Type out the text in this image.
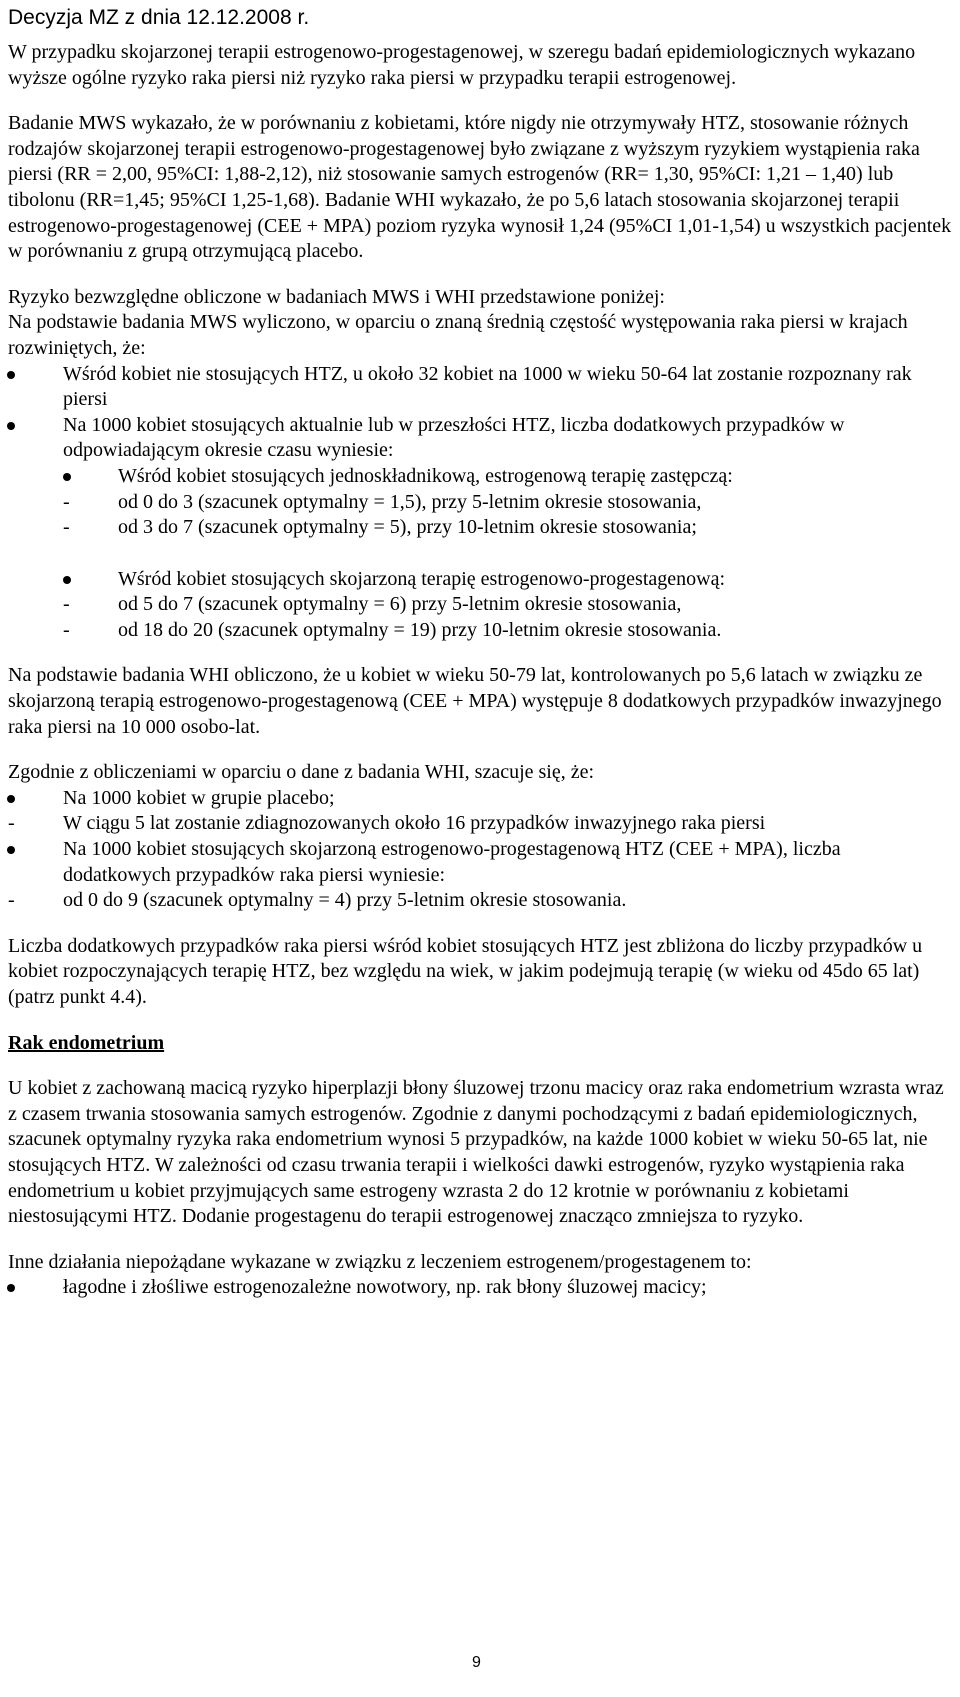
Decyzja MZ z dnia 12.12.2008 r.

W przypadku skojarzonej terapii estrogenowo-progestagenowej, w szeregu badań epidemiologicznych wykazano wyższe ogólne ryzyko raka piersi niż ryzyko raka piersi w przypadku terapii estrogenowej.

Badanie MWS wykazało, że w porównaniu z kobietami, które nigdy nie otrzymywały HTZ, stosowanie różnych rodzajów skojarzonej terapii estrogenowo-progestagenowej było związane z wyższym ryzykiem wystąpienia raka piersi (RR = 2,00, 95%CI: 1,88-2,12), niż stosowanie samych estrogenów (RR= 1,30, 95%CI: 1,21 – 1,40) lub tibolonu (RR=1,45; 95%CI 1,25-1,68). Badanie WHI wykazało, że po 5,6 latach stosowania skojarzonej terapii estrogenowo-progestagenowej (CEE + MPA) poziom ryzyka wynosił 1,24 (95%CI 1,01-1,54) u wszystkich pacjentek w porównaniu z grupą otrzymującą placebo.

Ryzyko bezwzględne obliczone w badaniach MWS i WHI przedstawione poniżej:

Na podstawie badania MWS wyliczono, w oparciu o znaną średnią częstość występowania raka piersi w krajach rozwiniętych, że:

Wśród kobiet nie stosujących HTZ, u około 32 kobiet na 1000 w wieku 50-64 lat zostanie rozpoznany rak piersi
Na 1000 kobiet stosujących aktualnie lub w przeszłości HTZ, liczba dodatkowych przypadków w odpowiadającym okresie czasu wyniesie:
Wśród kobiet stosujących jednoskładnikową, estrogenową terapię zastępczą:
- od 0 do 3 (szacunek optymalny = 1,5), przy 5-letnim okresie stosowania,
- od 3 do 7 (szacunek optymalny = 5), przy 10-letnim okresie stosowania;
Wśród kobiet stosujących skojarzoną terapię estrogenowo-progestagenową:
- od 5 do 7 (szacunek optymalny = 6) przy 5-letnim okresie stosowania,
- od 18 do 20 (szacunek optymalny = 19) przy 10-letnim okresie stosowania.

Na podstawie badania WHI obliczono, że u kobiet w wieku 50-79 lat, kontrolowanych po 5,6 latach w związku ze skojarzoną terapią estrogenowo-progestagenową (CEE + MPA) występuje 8 dodatkowych przypadków inwazyjnego raka piersi na 10 000 osobo-lat.

Zgodnie z obliczeniami w oparciu o dane z badania WHI, szacuje się, że:

Na 1000 kobiet w grupie placebo;
- W ciągu 5 lat zostanie zdiagnozowanych około 16 przypadków inwazyjnego raka piersi
Na 1000 kobiet stosujących skojarzoną estrogenowo-progestagenową HTZ (CEE + MPA), liczba dodatkowych przypadków raka piersi wyniesie:
- od 0 do 9 (szacunek optymalny = 4) przy 5-letnim okresie stosowania.

Liczba dodatkowych przypadków raka piersi wśród kobiet stosujących HTZ jest zbliżona do liczby przypadków u kobiet rozpoczynających terapię HTZ, bez względu na wiek, w jakim podejmują terapię (w wieku od 45do 65 lat) (patrz punkt 4.4).

Rak endometrium

U kobiet z zachowaną macicą ryzyko hiperplazji błony śluzowej trzonu macicy oraz raka endometrium wzrasta wraz z czasem trwania stosowania samych estrogenów. Zgodnie z danymi pochodzącymi z badań epidemiologicznych, szacunek optymalny ryzyka raka endometrium wynosi 5 przypadków, na każde 1000 kobiet w wieku 50-65 lat, nie stosujących HTZ. W zależności od czasu trwania terapii i wielkości dawki estrogenów, ryzyko wystąpienia raka endometrium u kobiet przyjmujących same estrogeny wzrasta 2 do 12 krotnie w porównaniu z kobietami niestosującymi HTZ. Dodanie progestagenu do terapii estrogenowej znacząco zmniejsza to ryzyko.

Inne działania niepożądane wykazane w związku z leczeniem estrogenem/progestagenem to:

łagodne i złośliwe estrogenozależne nowotwory, np. rak błony śluzowej macicy;
9
